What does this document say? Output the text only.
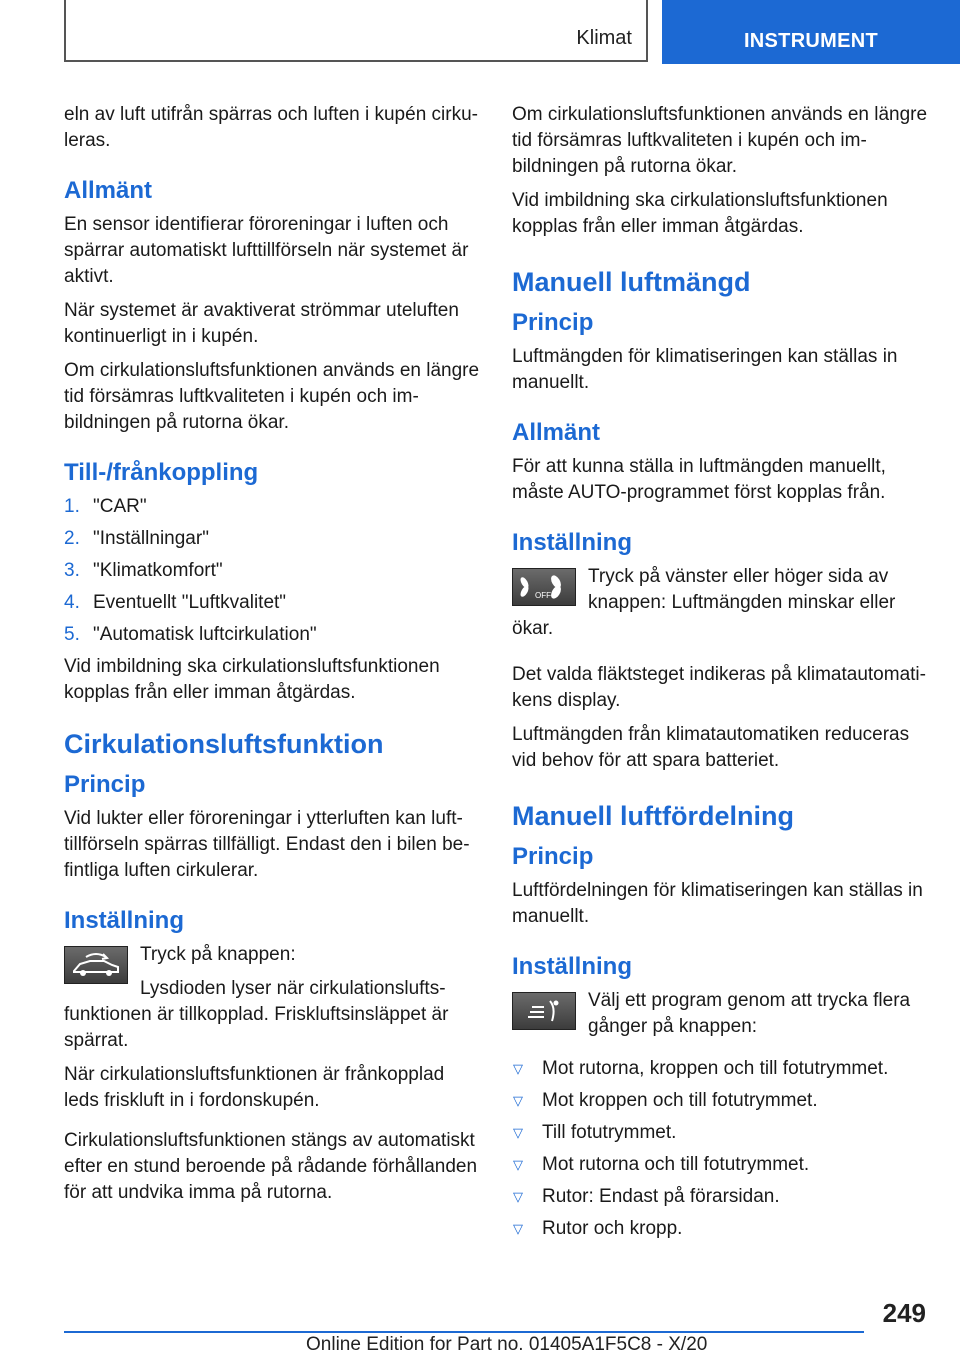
Klimat	INSTRUMENT

eln av luft utifrån spärras och luften i kupén cirku-leras.

Allmänt

En sensor identifierar föroreningar i luften och spärrar automatiskt lufttillförseln när systemet är aktivt.

När systemet är avaktiverat strömmar uteluften kontinuerligt in i kupén.

Om cirkulationsluftsfunktionen används en längre tid försämras luftkvaliteten i kupén och im-bildningen på rutorna ökar.

Till-/frånkoppling
1. "CAR"
2. "Inställningar"
3. "Klimatkomfort"
4. Eventuellt "Luftkvalitet"
5. "Automatisk luftcirkulation"

Vid imbildning ska cirkulationsluftsfunktionen kopplas från eller imman åtgärdas.

Cirkulationsluftsfunktion
Princip

Vid lukter eller föroreningar i ytterluften kan luft-tillförseln spärras tillfälligt. Endast den i bilen be-fintliga luften cirkulerar.

Inställning

Tryck på knappen:

Lysdioden lyser när cirkulationslufts-funktionen är tillkopplad. Friskluftsinsläppet är spärrat.

När cirkulationsluftsfunktionen är frånkopplad leds friskluft in i fordonskupén.

Cirkulationsluftsfunktionen stängs av automatiskt efter en stund beroende på rådande förhållanden för att undvika imma på rutorna.

Om cirkulationsluftsfunktionen används en längre tid försämras luftkvaliteten i kupén och im-bildningen på rutorna ökar.

Vid imbildning ska cirkulationsluftsfunktionen kopplas från eller imman åtgärdas.

Manuell luftmängd
Princip

Luftmängden för klimatiseringen kan ställas in manuellt.

Allmänt

För att kunna ställa in luftmängden manuellt, måste AUTO-programmet först kopplas från.

Inställning
OFF

Tryck på vänster eller höger sida av knappen: Luftmängden minskar eller ökar.

Det valda fläktsteget indikeras på klimatautomati-kens display.

Luftmängden från klimatautomatiken reduceras vid behov för att spara batteriet.

Manuell luftfördelning
Princip

Luftfördelningen för klimatiseringen kan ställas in manuellt.

Inställning

Välj ett program genom att trycka flera gånger på knappen:

▽	Mot rutorna, kroppen och till fotutrymmet.
▽	Mot kroppen och till fotutrymmet.
▽	Till fotutrymmet.
▽	Mot rutorna och till fotutrymmet.
▽	Rutor: Endast på förarsidan.
▽	Rutor och kropp.
249
Online Edition for Part no. 01405A1F5C8 - X/20
